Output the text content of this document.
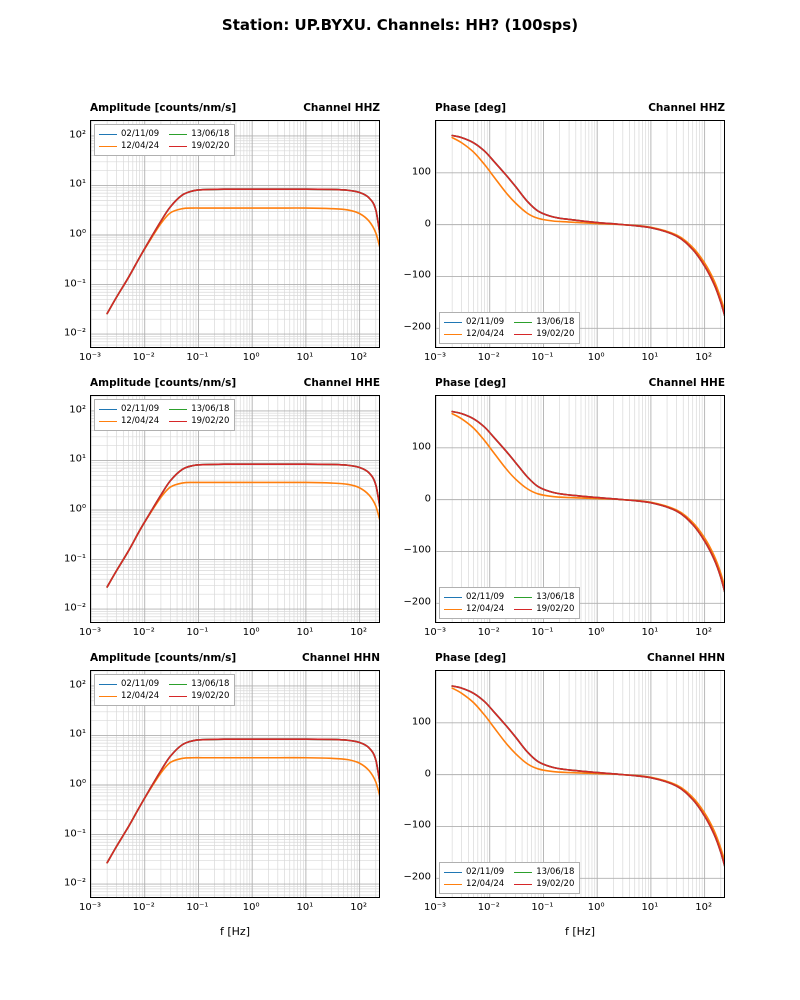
Station: UP.BYXU. Channels: HH? (100sps)
Amplitude [counts/nm/s]	Channel HHZ
10⁻³	10⁻²	10⁻¹	10⁰	10¹	10²
10⁻²
10⁻¹
10⁰
10¹
10²	02/11/09	13/06/18
12/04/24	19/02/20
Phase [deg]	Channel HHZ
10⁻³	10⁻²	10⁻¹	10⁰	10¹	10²
−200
−100
0
100
02/11/09	13/06/18
12/04/24	19/02/20
Amplitude [counts/nm/s]	Channel HHE
10⁻³	10⁻²	10⁻¹	10⁰	10¹	10²
10⁻²
10⁻¹
10⁰
10¹
10²	02/11/09	13/06/18
12/04/24	19/02/20
Phase [deg]	Channel HHE
10⁻³	10⁻²	10⁻¹	10⁰	10¹	10²
−200
−100
0
100
02/11/09	13/06/18
12/04/24	19/02/20
Amplitude [counts/nm/s]	Channel HHN
10⁻³	10⁻²	10⁻¹	10⁰	10¹	10²
10⁻²
10⁻¹
10⁰
10¹
10²	02/11/09	13/06/18
12/04/24	19/02/20
Phase [deg]	Channel HHN
10⁻³	10⁻²	10⁻¹	10⁰	10¹	10²
−200
−100
0
100
02/11/09	13/06/18
12/04/24	19/02/20
f [Hz]	f [Hz]
